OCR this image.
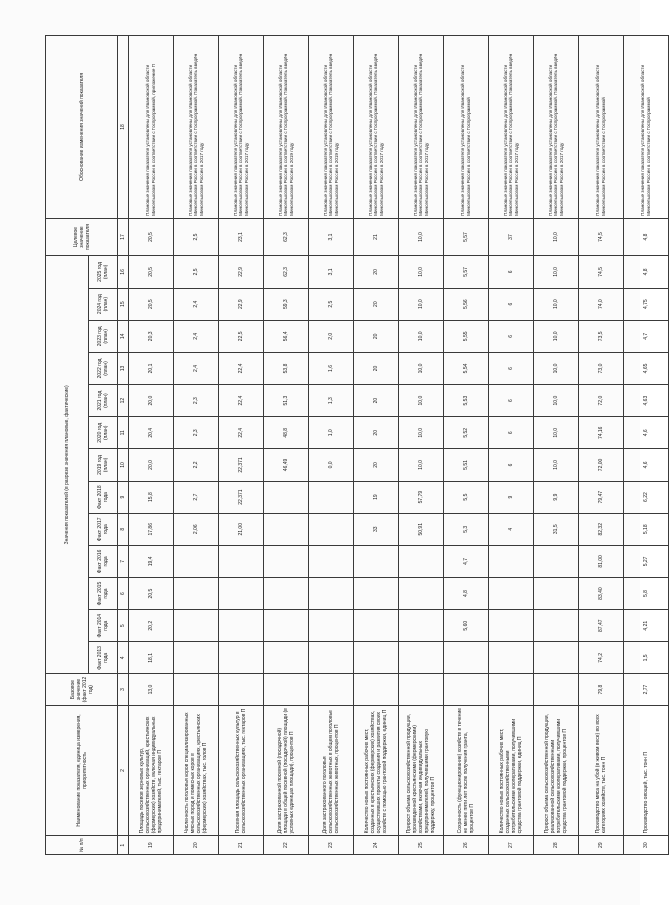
№ п/п	Наименование показателя, единица измерения, приоритетность	Базовое значение (факт 2012 год)	Значения показателей (в разрезе значения плановые, фактические)													Целевое значение показателя	Обоснование изменения значений показателя
			Факт 2013 года	Факт 2014 года	Факт 2015 года	Факт 2016 года	Факт 2017 года	Факт 2018 года	2019 год (план)	2020 год (план)	2021 год (план)	2022 год (план)	2023 год (план)	2024 год (план)	2025 год (план)		
1	2	3	4	5	6	7	8	9	10	11	12	13	14	15	16	17	18
19	Площадь посевов зерновых культур, сельскохозяйственных организаций, крестьянских (фермерских) хозяйств, включая индивидуальных предпринимателей, тыс. гектаров П	13,0	18,1	20,2	20,5	19,4	17,86	15,8	20,0	20,4	20,0	20,1	20,3	20,5	20,5	20,5	Плановые значения показателя установлены для Ивановской области Минсельхозом России в соответствии с Госпрограммой, приложение П
20	Численность поголовья коров специализированных мясных пород и помесных коров в сельскохозяйственных организациях, крестьянских (фермерских) хозяйствах, тыс. голов П						2,06	2,7	2,2	2,3	2,3	2,4	2,4	2,4	2,5	2,5	Плановые значения показателя установлены для Ивановской области Минсельхозом России в соответствии с Госпрограммой. Показатель введён Минсельхозом России в 2017 году
21	Посевная площадь сельскохозяйственных культур в сельскохозяйственных организациях, тыс. гектаров П						21,00	22,371	22,371	22,4	22,4	22,4	22,5	22,9	22,9	23,1	Плановые значения показателя установлены для Ивановской области Минсельхозом России в соответствии с Госпрограммой. Показатель введён Минсельхозом России в 2017 году
22	Доля застрахованной посевной (посадочной) площади в общей посевной (посадочной) площади (в условных единицах площади), процентов П								46,49	48,8	51,3	53,8	56,4	59,3	62,3	62,3	Плановые значения показателя установлены для Ивановской области Минсельхозом России в соответствии с Госпрограммой. Показатель введён Минсельхозом России в 2019 году
23	Доля застрахованного поголовья сельскохозяйственных животных в общем поголовье сельскохозяйственных животных, процентов П								0,0	1,0	1,3	1,6	2,0	2,5	3,1	3,1	Плановые значения показателя установлены для Ивановской области Минсельхозом России в соответствии с Госпрограммой. Показатель введён Минсельхозом России в 2019 году
24	Количество новых постоянных рабочих мест, созданных в крестьянских (фермерских) хозяйствах, осуществивших проекты создания и развития своих хозяйств с помощью грантовой поддержки, единиц П						33	19	20	20	20	20	20	20	20	21	Плановые значения показателя установлены для Ивановской области Минсельхозом России в соответствии с Госпрограммой. Показатель введён Минсельхозом России в 2017 году
25	Прирост объема сельскохозяйственной продукции, произведенной крестьянскими (фермерскими) хозяйствами, включая индивидуальных предпринимателей, получившими грантовую поддержку, процентов П						50,91	57,79	10,0	10,0	10,0	10,0	10,0	10,0	10,0	10,0	Плановые значения показателя установлены для Ивановской области Минсельхозом России в соответствии с Госпрограммой. Показатель введён Минсельхозом России в 2017 году
26	Сохранность (функционирование) хозяйств в течение не менее пяти лет после получения гранта, процентов П			5,60	4,8	4,7	5,3	5,5	5,51	5,52	5,53	5,54	5,55	5,56	5,57	5,57	Плановые значения показателя установлены для Ивановской области Минсельхозом России в соответствии с Госпрограммой
27	Количество новых постоянных рабочих мест, созданных сельскохозяйственными потребительскими кооперативами, получившими средства грантовой поддержки, единиц П						4	9	6	6	6	6	6	6	6	37	Плановые значения показателя установлены для Ивановской области Минсельхозом России в соответствии с Госпрограммой. Показатель введён Минсельхозом России в 2017 году
28	Прирост объема сельскохозяйственной продукции, реализованной сельскохозяйственными потребительскими кооперативами, получившими средства грантовой поддержки, процентов П						31,5	9,9	10,0	10,0	10,0	10,0	10,0	10,0	10,0	10,0	Плановые значения показателя установлены для Ивановской области Минсельхозом России в соответствии с Госпрограммой. Показатель введён Минсельхозом России в 2017 году
29	Производство мяса на убой (в живом весе) во всех категориях хозяйств, тыс. тонн П	79,8	74,2	87,47	83,40	81,00	82,32	79,47	72,00	74,16	72,0	73,0	73,5	74,0	74,5	74,5	Плановые значения показателя установлены для Ивановской области Минсельхозом России в соответствии с Госпрограммой
30	Производство овощей, тыс. тонн П	2,77	1,5	4,21	5,8	5,27	5,18	6,22	4,6	4,6	4,63	4,65	4,7	4,75	4,8	4,8	Плановые значения показателя установлены для Ивановской области Минсельхозом России в соответствии с Госпрограммой
